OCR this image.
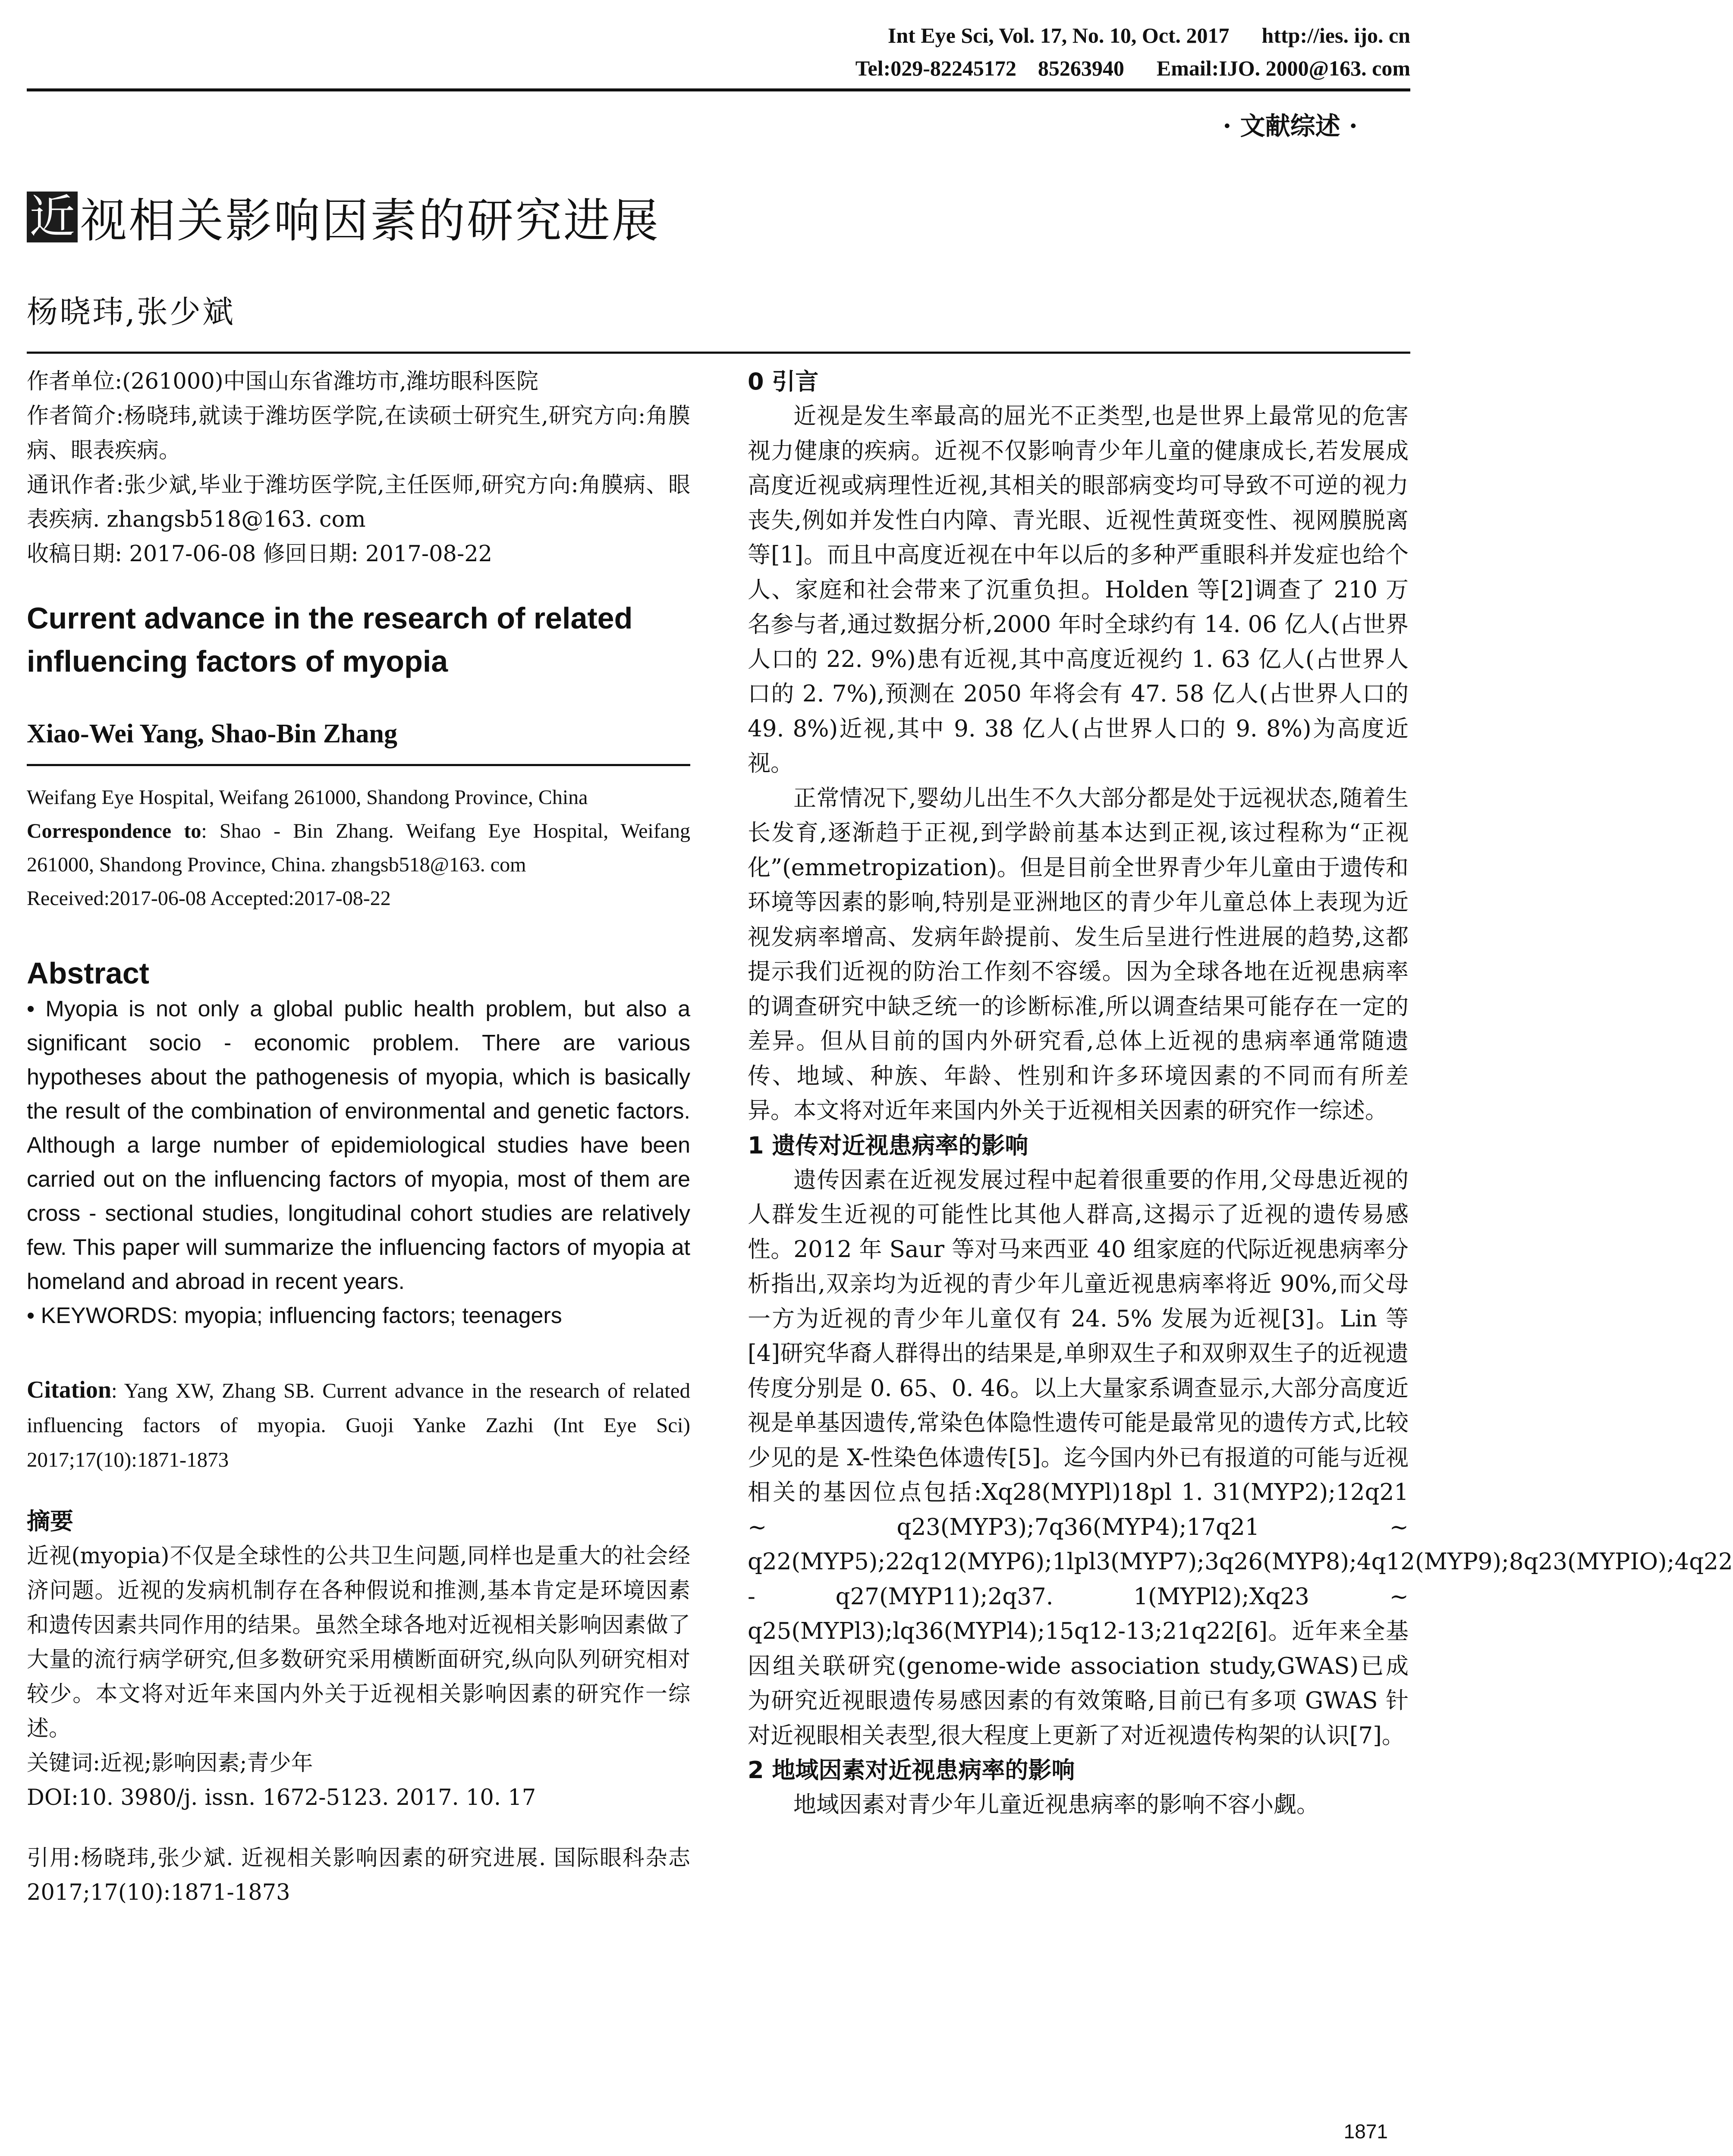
Int Eye Sci, Vol. 17, No. 10, Oct. 2017      http://ies. ijo. cn
Tel:029-82245172    85263940      Email:IJO. 2000@163. com
· 文献综述 ·
近 视相关影响因素的研究进展
杨晓玮,张少斌

作者单位:(261000)中国山东省潍坊市,潍坊眼科医院

作者简介:杨晓玮,就读于潍坊医学院,在读硕士研究生,研究方向:角膜病、眼表疾病。

通讯作者:张少斌,毕业于潍坊医学院,主任医师,研究方向:角膜病、眼表疾病. zhangsb518@163. com

收稿日期: 2017-06-08 修回日期: 2017-08-22

Current advance in the research of related influencing factors of myopia
Xiao-Wei Yang, Shao-Bin Zhang

Weifang Eye Hospital, Weifang 261000, Shandong Province, China

Correspondence to: Shao - Bin Zhang. Weifang Eye Hospital, Weifang 261000, Shandong Province, China. zhangsb518@163. com

Received:2017-06-08 Accepted:2017-08-22

Abstract

• Myopia is not only a global public health problem, but also a significant socio - economic problem. There are various hypotheses about the pathogenesis of myopia, which is basically the result of the combination of environmental and genetic factors. Although a large number of epidemiological studies have been carried out on the influencing factors of myopia, most of them are cross - sectional studies, longitudinal cohort studies are relatively few. This paper will summarize the influencing factors of myopia at homeland and abroad in recent years.

• KEYWORDS: myopia; influencing factors; teenagers

Citation: Yang XW, Zhang SB. Current advance in the research of related influencing factors of myopia. Guoji Yanke Zazhi (Int Eye Sci) 2017;17(10):1871-1873

摘要

近视(myopia)不仅是全球性的公共卫生问题,同样也是重大的社会经济问题。近视的发病机制存在各种假说和推测,基本肯定是环境因素和遗传因素共同作用的结果。虽然全球各地对近视相关影响因素做了大量的流行病学研究,但多数研究采用横断面研究,纵向队列研究相对较少。本文将对近年来国内外关于近视相关影响因素的研究作一综述。

关键词:近视;影响因素;青少年

DOI:10. 3980/j. issn. 1672-5123. 2017. 10. 17

引用:杨晓玮,张少斌. 近视相关影响因素的研究进展. 国际眼科杂志 2017;17(10):1871-1873

0 引言

近视是发生率最高的屈光不正类型,也是世界上最常见的危害视力健康的疾病。近视不仅影响青少年儿童的健康成长,若发展成高度近视或病理性近视,其相关的眼部病变均可导致不可逆的视力丧失,例如并发性白内障、青光眼、近视性黄斑变性、视网膜脱离等[1]。而且中高度近视在中年以后的多种严重眼科并发症也给个人、家庭和社会带来了沉重负担。Holden 等[2]调查了 210 万名参与者,通过数据分析,2000 年时全球约有 14. 06 亿人(占世界人口的 22. 9%)患有近视,其中高度近视约 1. 63 亿人(占世界人口的 2. 7%),预测在 2050 年将会有 47. 58 亿人(占世界人口的 49. 8%)近视,其中 9. 38 亿人(占世界人口的 9. 8%)为高度近视。

正常情况下,婴幼儿出生不久大部分都是处于远视状态,随着生长发育,逐渐趋于正视,到学龄前基本达到正视,该过程称为“正视化”(emmetropization)。但是目前全世界青少年儿童由于遗传和环境等因素的影响,特别是亚洲地区的青少年儿童总体上表现为近视发病率增高、发病年龄提前、发生后呈进行性进展的趋势,这都提示我们近视的防治工作刻不容缓。因为全球各地在近视患病率的调查研究中缺乏统一的诊断标准,所以调查结果可能存在一定的差异。但从目前的国内外研究看,总体上近视的患病率通常随遗传、地域、种族、年龄、性别和许多环境因素的不同而有所差异。本文将对近年来国内外关于近视相关因素的研究作一综述。

1 遗传对近视患病率的影响

遗传因素在近视发展过程中起着很重要的作用,父母患近视的人群发生近视的可能性比其他人群高,这揭示了近视的遗传易感性。2012 年 Saur 等对马来西亚 40 组家庭的代际近视患病率分析指出,双亲均为近视的青少年儿童近视患病率将近 90%,而父母一方为近视的青少年儿童仅有 24. 5% 发展为近视[3]。Lin 等[4]研究华裔人群得出的结果是,单卵双生子和双卵双生子的近视遗传度分别是 0. 65、0. 46。以上大量家系调查显示,大部分高度近视是单基因遗传,常染色体隐性遗传可能是最常见的遗传方式,比较少见的是 X-性染色体遗传[5]。迄今国内外已有报道的可能与近视相关的基因位点包括:Xq28(MYPl)18pl 1. 31(MYP2);12q21 ~ q23(MYP3);7q36(MYP4);17q21 ~ q22(MYP5);22q12(MYP6);1lpl3(MYP7);3q26(MYP8);4q12(MYP9);8q23(MYPIO);4q22 - q27(MYP11);2q37. 1(MYPl2);Xq23 ~ q25(MYPl3);lq36(MYPl4);15q12-13;21q22[6]。近年来全基因组关联研究(genome-wide association study,GWAS)已成为研究近视眼遗传易感因素的有效策略,目前已有多项 GWAS 针对近视眼相关表型,很大程度上更新了对近视遗传构架的认识[7]。

2 地域因素对近视患病率的影响

地域因素对青少年儿童近视患病率的影响不容小觑。

1871
